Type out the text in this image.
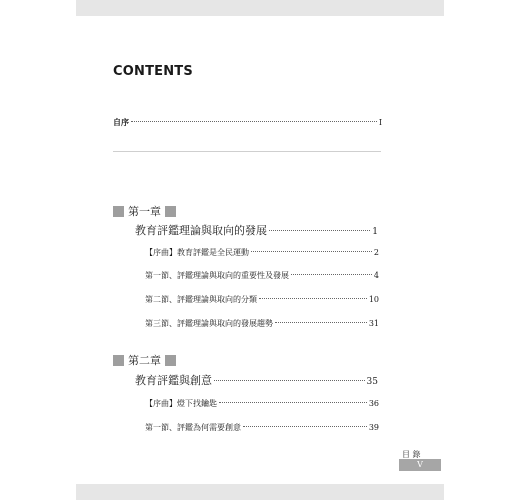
CONTENTS
自序	I
第一章
教育評鑑理論與取向的發展	1
【序曲】教育評鑑是全民運動	2
第一節、評鑑理論與取向的重要性及發展	4
第二節、評鑑理論與取向的分類	10
第三節、評鑑理論與取向的發展趨勢	31
第二章
教育評鑑與創意	35
【序曲】燈下找鑰匙	36
第一節、評鑑為何需要創意	39
目 錄
V
